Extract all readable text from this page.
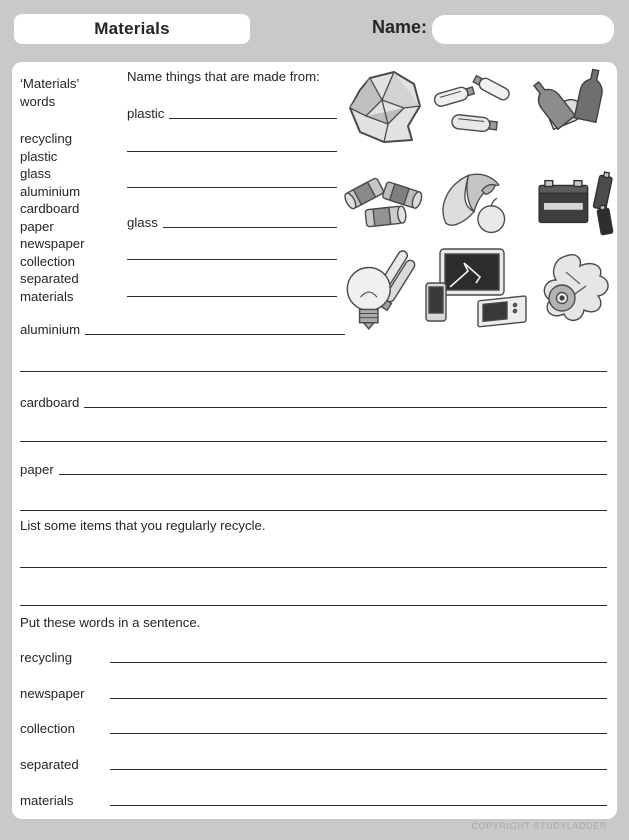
Materials	Name:
‘Materials’
words
recycling
plastic
glass
aluminium
cardboard
paper
newspaper
collection
separated
materials
Name things that are made from:
plastic
glass
aluminium
cardboard
paper
List some items that you regularly recycle.
Put these words in a sentence.
recycling
newspaper
collection
separated
materials
COPYRIGHT STUDYLADDER
